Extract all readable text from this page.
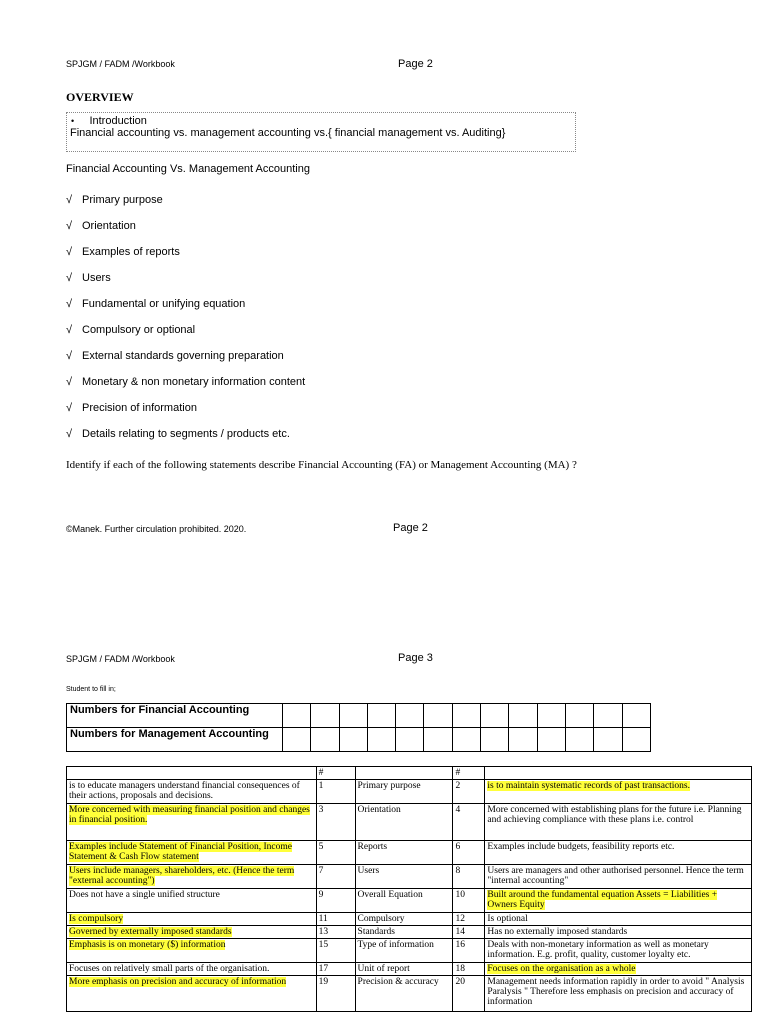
SPJGM / FADM /Workbook	Page 2
OVERVIEW
• Introduction
Financial accounting vs. management accounting vs.{ financial management vs. Auditing}
Financial Accounting Vs. Management Accounting
√ Primary purpose
√ Orientation
√ Examples of reports
√ Users
√ Fundamental or unifying equation
√ Compulsory or optional
√ External standards governing preparation
√ Monetary & non monetary information content
√ Precision of information
√ Details relating to segments / products etc.
Identify if each of the following statements describe Financial Accounting (FA) or Management Accounting (MA) ?
©Manek. Further circulation prohibited. 2020.	Page 2
SPJGM / FADM /Workbook	Page 3
Student to fill in;
Numbers for Financial Accounting													
Numbers for Management Accounting													
	#		#	
is to educate managers understand financial consequences of their actions, proposals and decisions.	1	Primary purpose	2	is to maintain systematic records of past transactions.
More concerned with measuring financial position and changes in financial position.	3	Orientation	4	More concerned with establishing plans for the future i.e. Planning and achieving compliance with these plans i.e. control
Examples include Statement of Financial Position, Income Statement & Cash Flow statement	5	Reports	6	Examples include budgets, feasibility reports etc.
Users include managers, shareholders, etc. (Hence the term "external accounting")	7	Users	8	Users are managers and other authorised personnel. Hence the term "internal accounting"
Does not have a single unified structure	9	Overall Equation	10	Built around the fundamental equation Assets = Liabilities + Owners Equity
Is compulsory	11	Compulsory	12	Is optional
Governed by externally imposed standards	13	Standards	14	Has no externally imposed standards
Emphasis is on monetary ($) information	15	Type of information	16	Deals with non-monetary information as well as monetary information. E.g. profit, quality, customer loyalty etc.
Focuses on relatively small parts of the organisation.	17	Unit of report	18	Focuses on the organisation as a whole
More emphasis on precision and accuracy of information	19	Precision & accuracy	20	Management needs information rapidly in order to avoid " Analysis Paralysis " Therefore less emphasis on precision and accuracy of information
